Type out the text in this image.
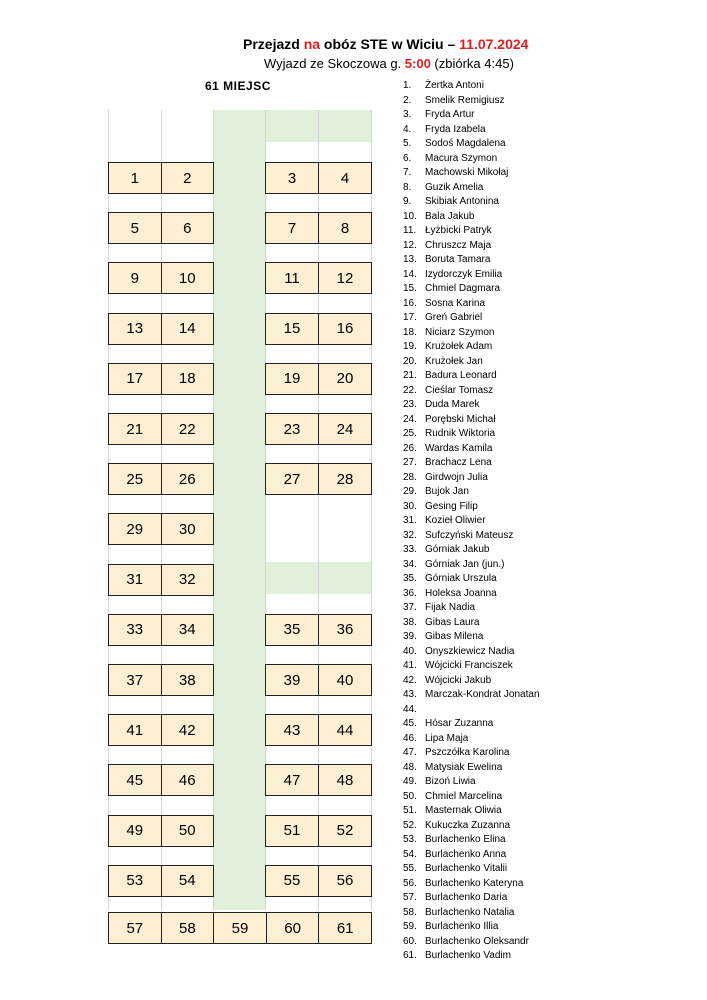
Przejazd na obóz STE w Wiciu – 11.07.2024
Wyjazd ze Skoczowa g. 5:00 (zbiórka 4:45)
61 MIEJSC
1	2	3	4
5	6	7	8
9	10	11	12
13	14	15	16
17	18	19	20
21	22	23	24
25	26	27	28
29	30
31	32
33	34	35	36
37	38	39	40
41	42	43	44
45	46	47	48
49	50	51	52
53	54	55	56
57	58	59	60	61
1. Żertka Antoni
2. Smelik Remigiusz
3. Fryda Artur
4. Fryda Izabela
5. Sodoś Magdalena
6. Macura Szymon
7. Machowski Mikołaj
8. Guzik Amelia
9. Skibiak Antonina
10. Bala Jakub
11. Łyżbicki Patryk
12. Chruszcz Maja
13. Boruta Tamara
14. Izydorczyk Emilia
15. Chmiel Dagmara
16. Sosna Karina
17. Greń Gabriel
18. Niciarz Szymon
19. Krużołek Adam
20. Krużołek Jan
21. Badura Leonard
22. Cieślar Tomasz
23. Duda Marek
24. Porębski Michał
25. Rudnik Wiktoria
26. Wardas Kamila
27. Brachacz Lena
28. Girdwojn Julia
29. Bujok Jan
30. Gesing Filip
31. Kozieł Oliwier
32. Sufczyński Mateusz
33. Górniak Jakub
34. Górniak Jan (jun.)
35. Górniak Urszula
36. Holeksa Joanna
37. Fijak Nadia
38. Gibas Laura
39. Gibas Milena
40. Onyszkiewicz Nadia
41. Wójcicki Franciszek
42. Wójcicki Jakub
43. Marczak-Kondrat Jonatan
44.
45. Hósar Zuzanna
46. Lipa Maja
47. Pszczółka Karolina
48. Matysiak Ewelina
49. Bizoń Liwia
50. Chmiel Marcelina
51. Masternak Oliwia
52. Kukuczka Zuzanna
53. Burlachenko Elina
54. Burlachenko Anna
55. Burlachenko Vitalii
56. Burlachenko Kateryna
57. Burlachenko Daria
58. Burlachenko Natalia
59. Burlachenko Illia
60. Burlachenko Oleksandr
61. Burlachenko Vadim
